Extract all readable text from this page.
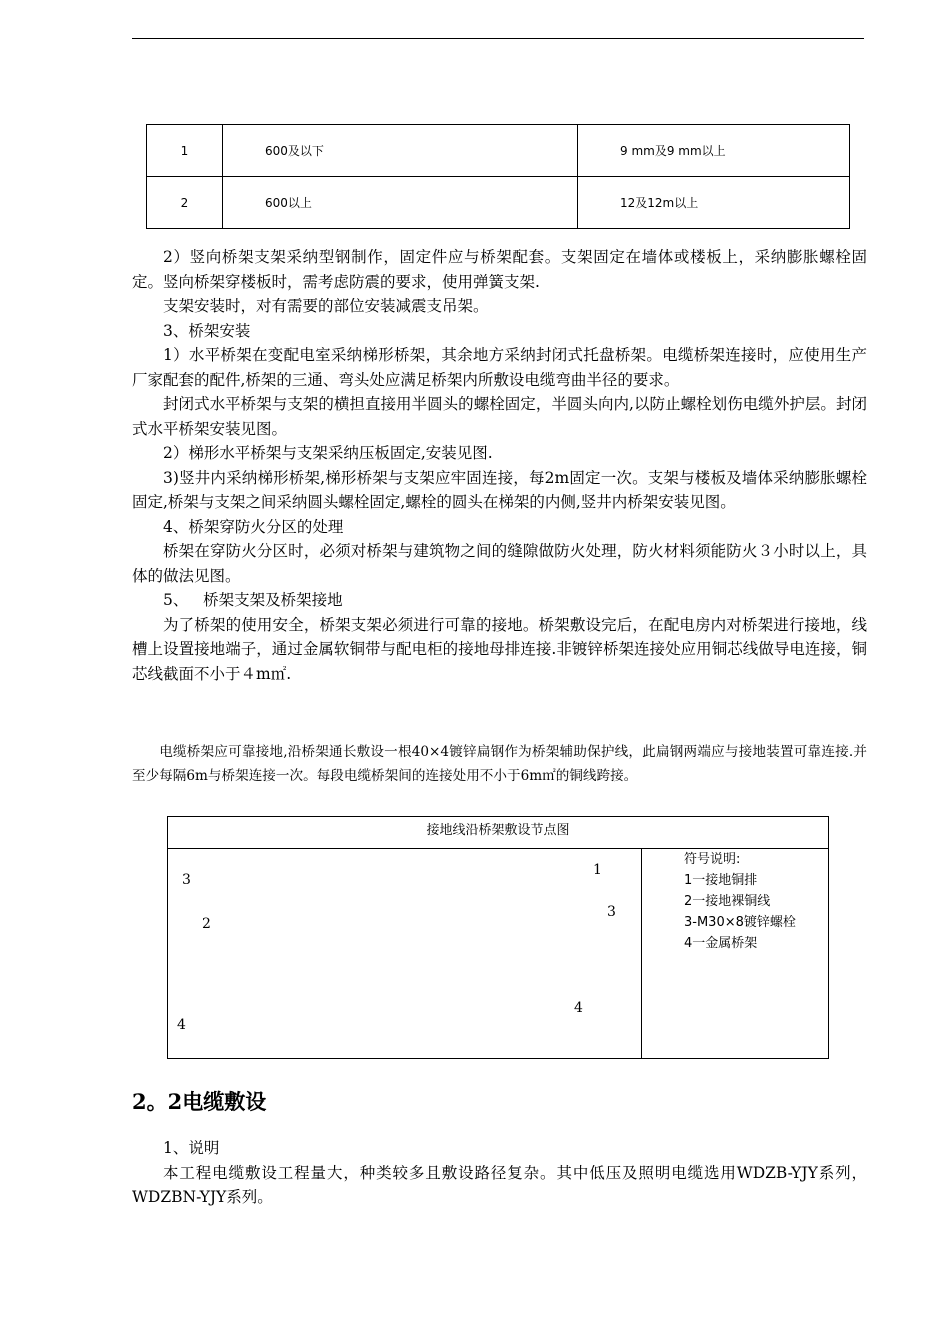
1	600及以下	9 mm及9 mm以上
2	600以上	12及12m以上

2）竖向桥架支架采纳型钢制作，固定件应与桥架配套。支架固定在墙体或楼板上，采纳膨胀螺栓固定。竖向桥架穿楼板时，需考虑防震的要求，使用弹簧支架.

支架安装时，对有需要的部位安装减震支吊架。

3、桥架安装

1）水平桥架在变配电室采纳梯形桥架，其余地方采纳封闭式托盘桥架。电缆桥架连接时，应使用生产厂家配套的配件,桥架的三通、弯头处应满足桥架内所敷设电缆弯曲半径的要求。

封闭式水平桥架与支架的横担直接用半圆头的螺栓固定，半圆头向内,以防止螺栓划伤电缆外护层。封闭式水平桥架安装见图。

2）梯形水平桥架与支架采纳压板固定,安装见图.

3)竖井内采纳梯形桥架,梯形桥架与支架应牢固连接，每2m固定一次。支架与楼板及墙体采纳膨胀螺栓固定,桥架与支架之间采纳圆头螺栓固定,螺栓的圆头在梯架的内侧,竖井内桥架安装见图。

4、桥架穿防火分区的处理

桥架在穿防火分区时，必须对桥架与建筑物之间的缝隙做防火处理，防火材料须能防火３小时以上，具体的做法见图。

5、   桥架支架及桥架接地

为了桥架的使用安全，桥架支架必须进行可靠的接地。桥架敷设完后，在配电房内对桥架进行接地，线槽上设置接地端子，通过金属软铜带与配电柜的接地母排连接.非镀锌桥架连接处应用铜芯线做导电连接，铜芯线截面不小于４m㎡.

电缆桥架应可靠接地,沿桥架通长敷设一根40×4镀锌扁钢作为桥架辅助保护线，此扁钢两端应与接地装置可靠连接.并至少每隔6m与桥架连接一次。每段电缆桥架间的连接处用不小于6m㎡的铜线跨接。

接地线沿桥架敷设节点图
3
2
4
1
3
4
符号说明:
1一接地铜排
2一接地裸铜线
3-M30×8镀锌螺栓
4一金属桥架
2。2电缆敷设

1、说明

本工程电缆敷设工程量大，种类较多且敷设路径复杂。其中低压及照明电缆选用WDZB-YJY系列，WDZBN-YJY系列。
